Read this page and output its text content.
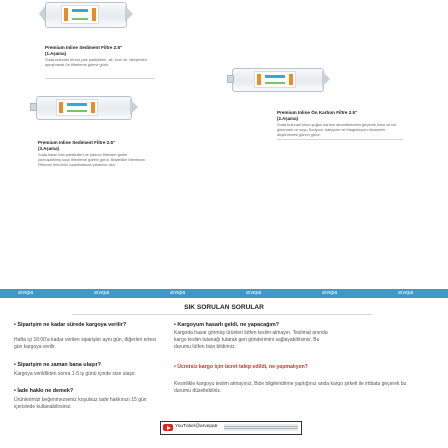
Premium Inline Sediment Filtre 2.5"
(1.Aşama)
Suda bulunan kir,toz,pas partikülleri, sit, kum vb. bileşenleri ayrıştırarak ön filtreleme görevi görür.
Premium Inline Ön Karbon Filtre 2.5"
(2.Aşama)
Suda bulunan kloru,yoğun karbon atmosferinden geçerek koku ve tat gidermek ve suyu Sodyum, kalsiyum ve Magnezyum düzeyinin düşürülmesi görevi görür.
Premium Inline Sediment Filtre 2.5"
(3.Aşama)
Suda kalan katı partikülleri ve karbon filtreden gelen yumuşatılmış suyu filtreleme görevi görür. Böylelikle Membran Filtrenin ömrünün uzatılmasına yardımcı olur.
arvepa	arvepa	arvepa	arvepa	arvepa	arvepa
SIK SORULAN SORULAR
• Siparişim ne kadar sürede kargoya verilir?
Hafta içi 16:00'a kadar verilen siparişler aynı gün, diğerleri ertesi gün kargoya verilir.
• Siparişim ne zaman bana ulaşır?
Kargoya verildikten sonra 1-5 iş günü içinde size ulaşır.
• İade hakkı ne demek?
Ürünlerimizi beğenmezseniz koşulsuz iade hakkınızı 15 gün içerisinde kullanabilirsiniz.
• Kargoyum hasarlı geldi, ne yapacağım?
Kargoda hasar görmüş ürünleri lütfen teslim almayın. Teslimat anında kargo teslim tutanağı tutarak geri gönderimini sağlayabilirsiniz. Bu durumu lütfen bize bildiriniz.
• Ücretsiz kargo için ücret talep edildi, ne yapmalıyım?
Kesinlikle kargoyu teslim almayınız. Bize bilgilendirme yaptığınız anda kargo şirketi ile irtibata geçerek bu durumu düzeltebiliriz.
YouTube/@arvepatr
